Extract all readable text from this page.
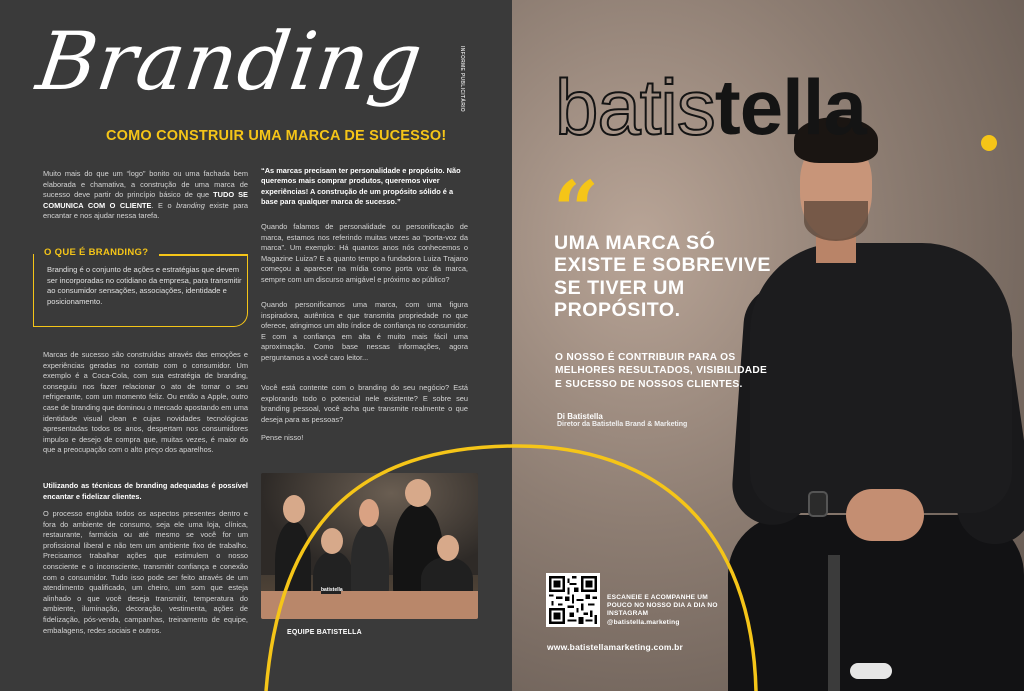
INFORME PUBLICITÁRIO
Branding
COMO CONSTRUIR UMA MARCA DE SUCESSO!
Muito mais do que um “logo” bonito ou uma fachada bem elaborada e chamativa, a construção de uma marca de sucesso deve partir do princípio básico de que TUDO SE COMUNICA COM O CLIENTE. E o branding existe para encantar e nos ajudar nessa tarefa.
O QUE É BRANDING?
Branding é o conjunto de ações e estratégias que devem ser incorporadas no cotidiano da empresa, para transmitir ao consumidor sensações, associações, identidade e posicionamento.
Marcas de sucesso são construídas através das emoções e experiências geradas no contato com o consumidor. Um exemplo é a Coca-Cola, com sua estratégia de branding, conseguiu nos fazer relacionar o ato de tomar o seu refrigerante, com um momento feliz. Ou então a Apple, outro case de branding que dominou o mercado apostando em uma identidade visual clean e cujas novidades tecnológicas apresentadas todos os anos, despertam nos consumidores impulso e desejo de compra que, muitas vezes, é maior do que a preocupação com o alto preço dos aparelhos.
Utilizando as técnicas de branding adequadas é possível encantar e fidelizar clientes.
O processo engloba todos os aspectos presentes dentro e fora do ambiente de consumo, seja ele uma loja, clínica, restaurante, farmácia ou até mesmo se você for um profissional liberal e não tem um ambiente fixo de trabalho. Precisamos trabalhar ações que estimulem o nosso consciente e o inconsciente, transmitir confiança e conexão com o consumidor. Tudo isso pode ser feito através de um atendimento qualificado, um cheiro, um som que esteja alinhado o que você deseja transmitir, temperatura do ambiente, iluminação, decoração, vestimenta, ações de fidelização, pós-venda, campanhas, treinamento de equipe, embalagens, redes sociais e outros.
“As marcas precisam ter personalidade e propósito. Não queremos mais comprar produtos, queremos viver experiências! A construção de um propósito sólido é a base para qualquer marca de sucesso.”
Quando falamos de personalidade ou personificação de marca, estamos nos referindo muitas vezes ao “porta-voz da marca”. Um exemplo: Há quantos anos nós conhecemos o Magazine Luiza? E a quanto tempo a fundadora Luiza Trajano começou a aparecer na mídia como porta voz da marca, sempre com um discurso amigável e próximo ao público?
Quando personificamos uma marca, com uma figura inspiradora, autêntica e que transmita propriedade no que oferece, atingimos um alto índice de confiança no consumidor. E com a confiança em alta é muito mais fácil uma aproximação. Como base nessas informações, agora perguntamos a você caro leitor...
Você está contente com o branding do seu negócio? Está explorando todo o potencial nele existente? E sobre seu branding pessoal, você acha que transmite realmente o que deseja para as pessoas?
Pense nisso!
batistella
EQUIPE BATISTELLA
batistella
“
UMA MARCA SÓ EXISTE E SOBREVIVE SE TIVER UM PROPÓSITO.
O NOSSO É CONTRIBUIR PARA OS MELHORES RESULTADOS, VISIBILIDADE E SUCESSO DE NOSSOS CLIENTES.
Di Batistella
Diretor da Batistella Brand & Marketing
ESCANEIE E ACOMPANHE UM POUCO NO NOSSO DIA A DIA NO INSTAGRAM
@batistella.marketing
www.batistellamarketing.com.br
